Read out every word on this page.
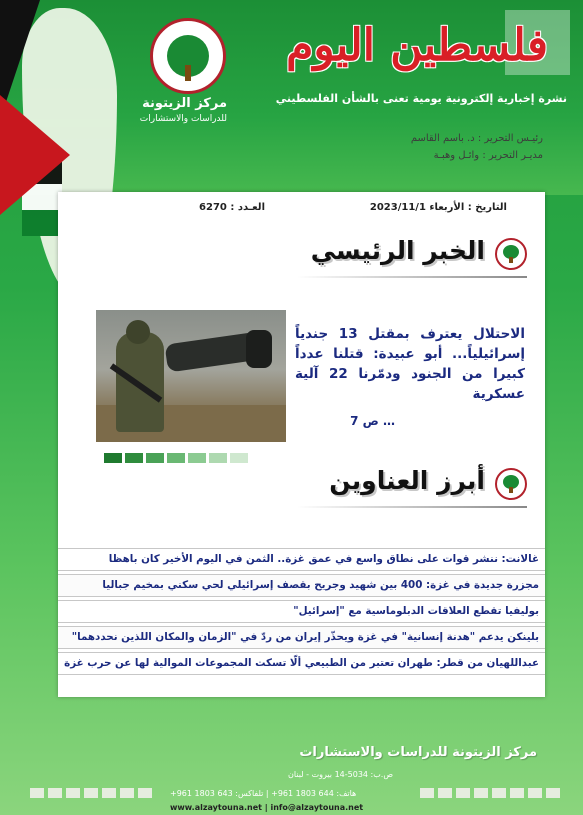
مركز الزيتونة
للدراسات والاستشارات
فلسطين اليوم
نشرة إخبارية إلكترونية يومية تعنى بالشأن الفلسطيني
رئيـس التحرير : د. باسم القاسم
مديـر التحرير : وائـل وهبـة
التاريخ : الأربعاء 2023/11/1
العـدد : 6270
الخبر الرئيسي
الاحتلال يعترف بمقتل 13 جندياً إسرائيلياً... أبو عبيدة: قتلنا عدداً كبيرا من الجنود ودمّرنا 22 آلية عسكرية
… ص 7
أبرز العناوين
غالانت: ننشر قوات على نطاق واسع في عمق غزة.. الثمن في اليوم الأخير كان باهظا
مجزرة جديدة في غزة: 400 بين شهيد وجريح بقصف إسرائيلي لحي سكني بمخيم جباليا
بوليفيا تقطع العلاقات الدبلوماسية مع "إسرائيل"
بلينكن يدعم "هدنة إنسانية" في غزة ويحذّر إيران من ردّ في "الزمان والمكان اللذين نحددهما"
عبداللهيان من قطر: طهران تعتبر من الطبيعي ألّا تسكت المجموعات الموالية لها عن حرب غزة
مركز الزيتونة للدراسات والاستشارات
ص.ب: 5034-14 بيروت - لبنان
هاتف: 644 1803 961+ | تلفاكس: 643 1803 961+
www.alzaytouna.net | info@alzaytouna.net
